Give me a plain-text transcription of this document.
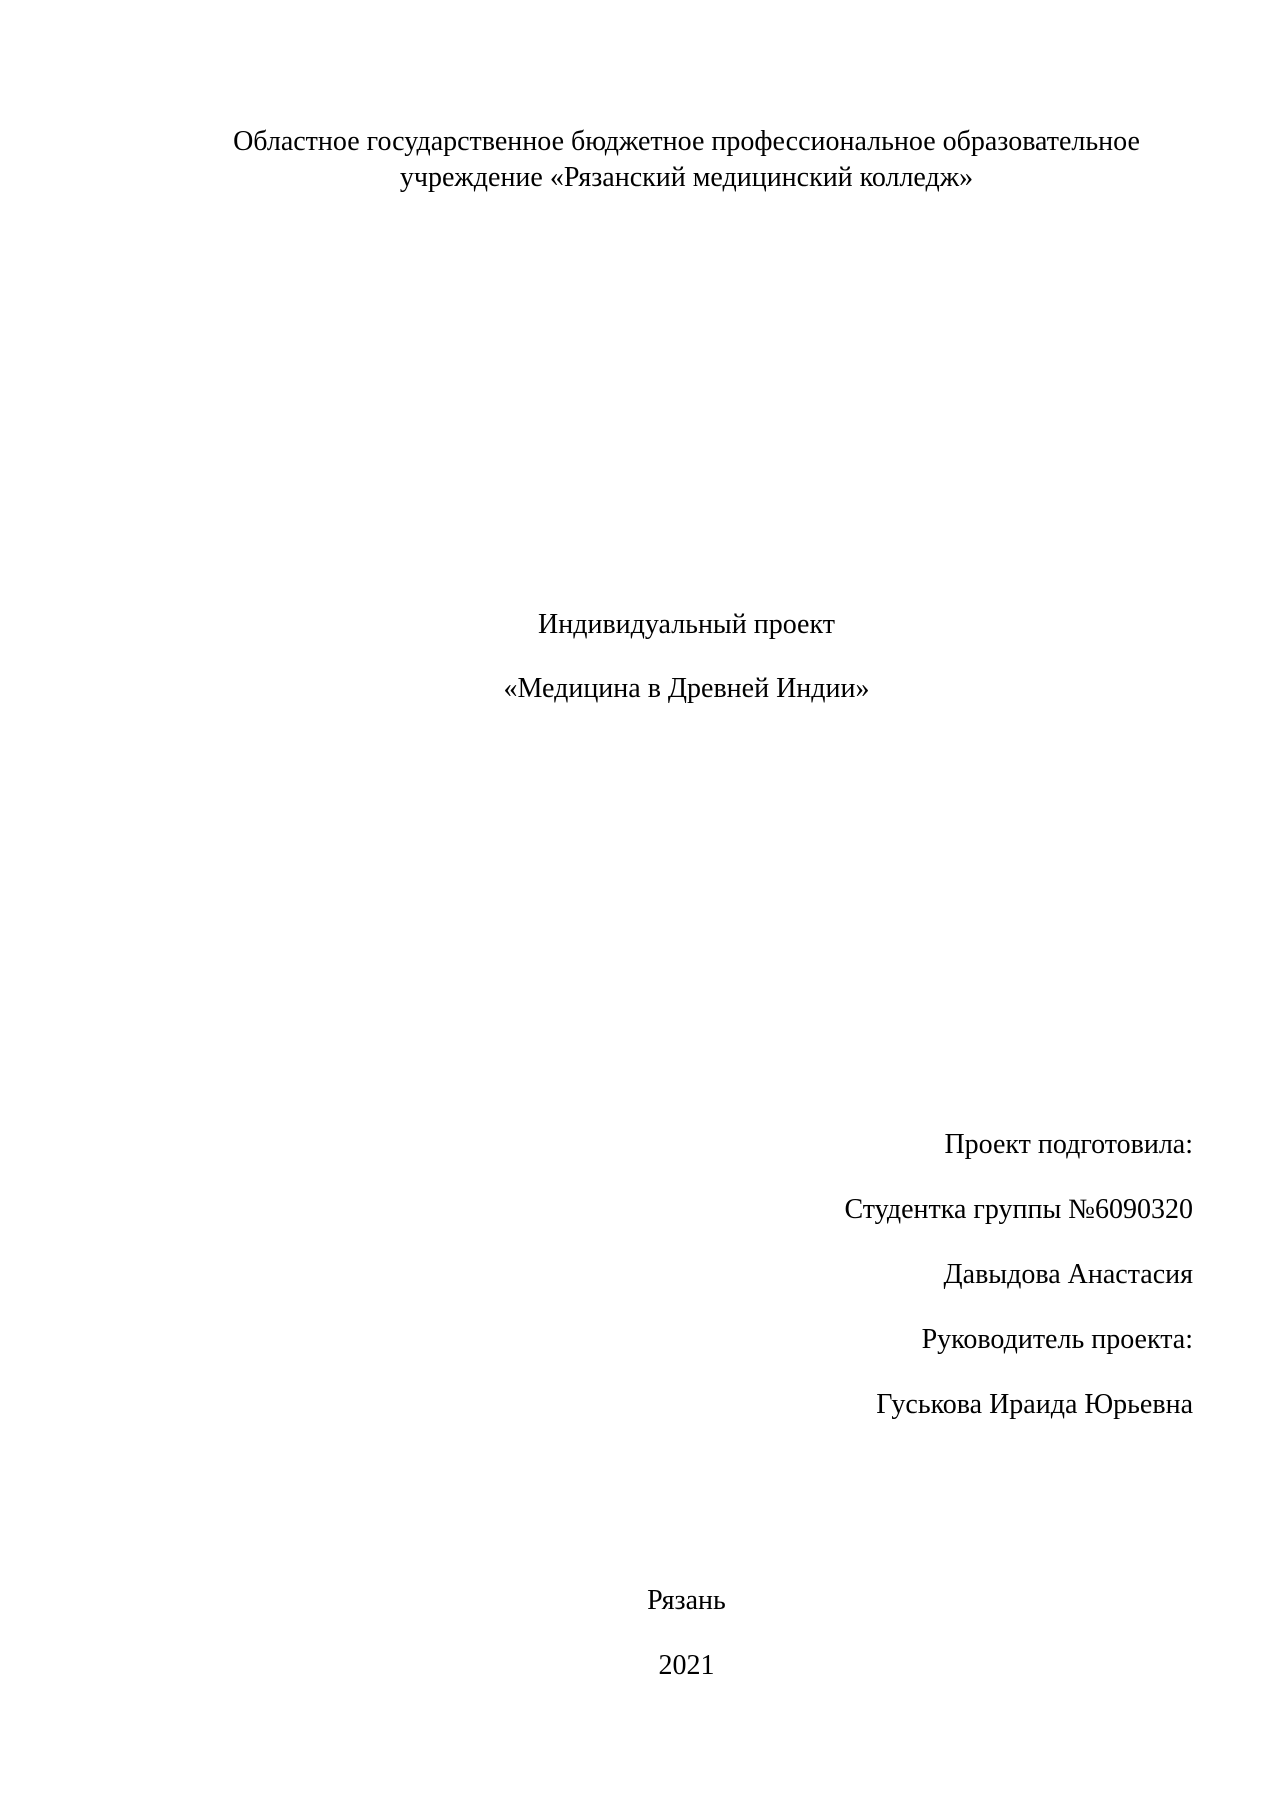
Областное государственное бюджетное профессиональное образовательное
учреждение «Рязанский медицинский колледж»
Индивидуальный проект
«Медицина в Древней Индии»
Проект подготовила:
Студентка группы №6090320
Давыдова Анастасия
Руководитель проекта:
Гуськова Ираида Юрьевна
Рязань
2021
